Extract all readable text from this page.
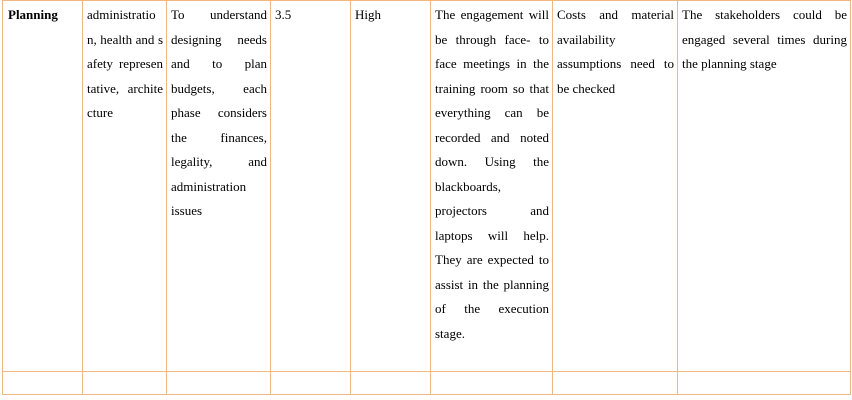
Planning	administration, health and safety representative, architecture	To understand designing needs and to plan budgets, each phase considers the finances, legality, and administration issues	3.5	High	The engagement will be through face- to face meetings in the training room so that everything can be recorded and noted down. Using the blackboards, projectors and laptops will help. They are expected to assist in the planning of the execution stage.	Costs and material availability assumptions need to be checked	The stakeholders could be engaged several times during the planning stage
